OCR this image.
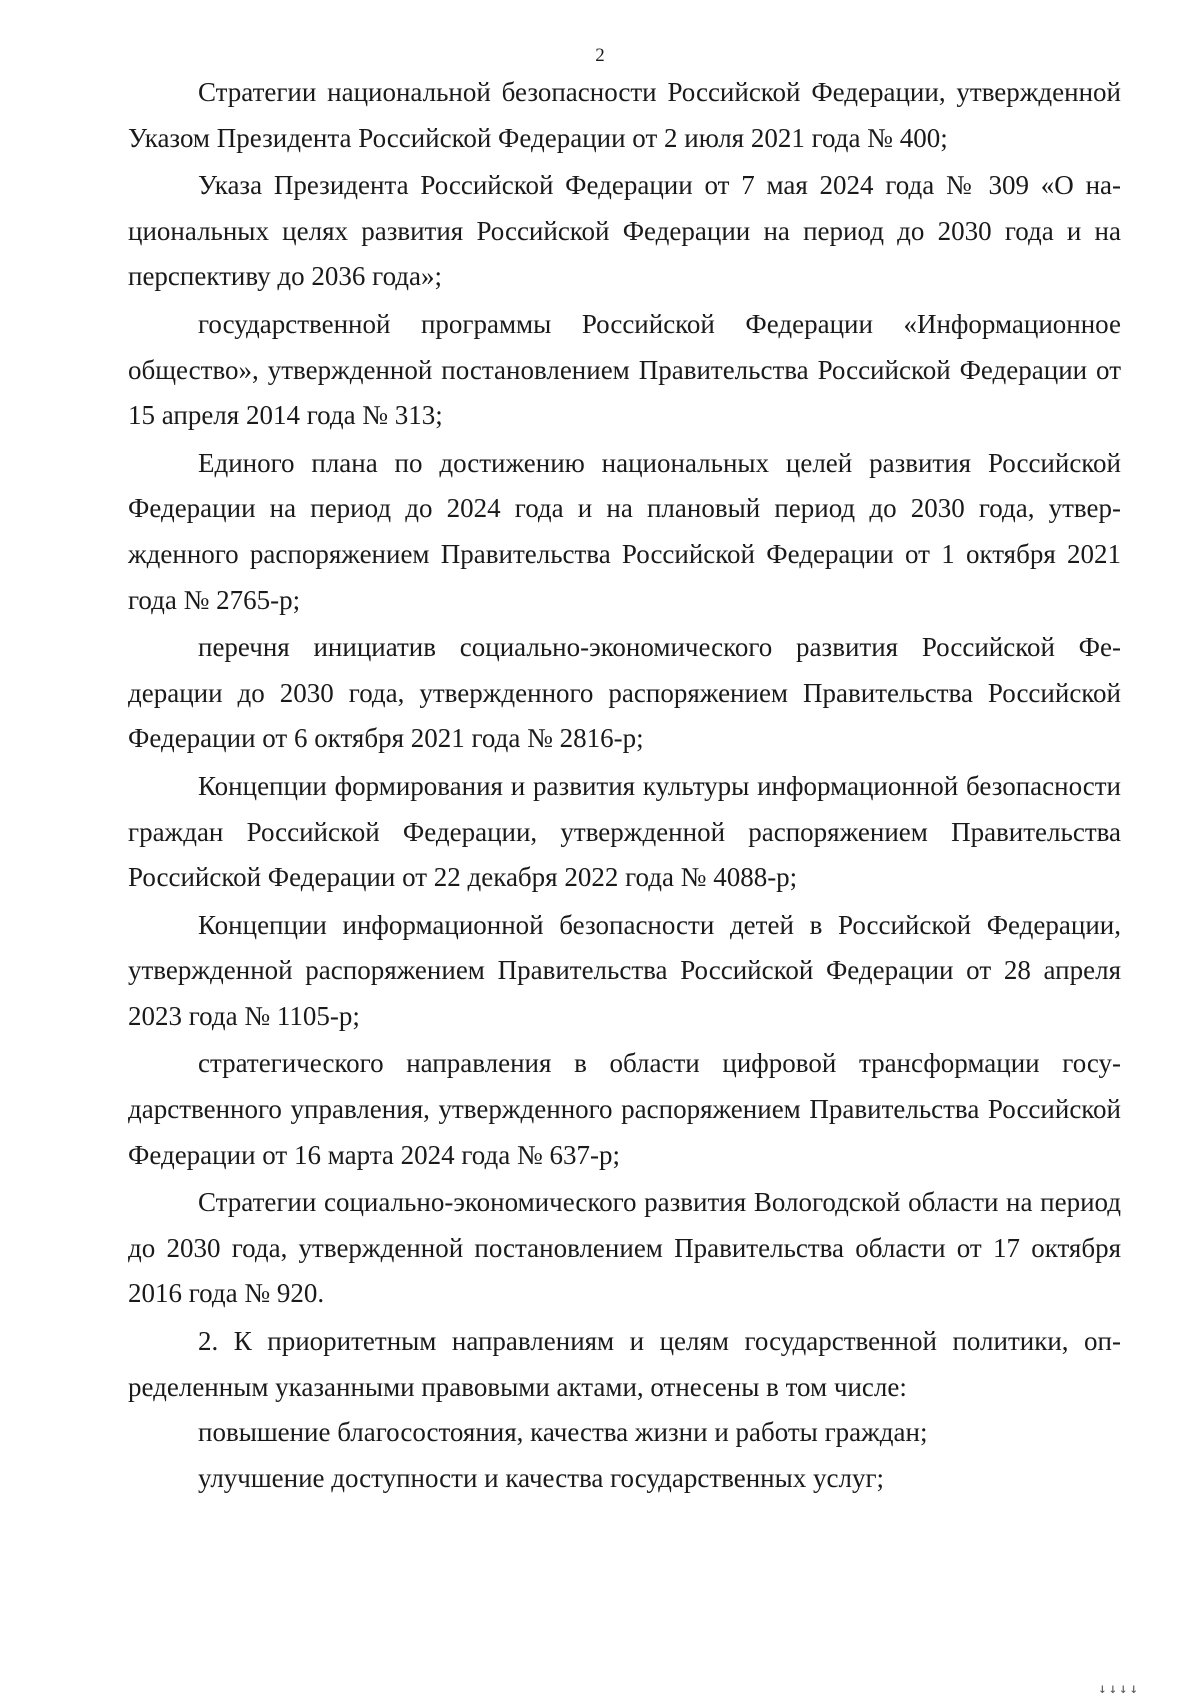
2

Стратегии национальной безопасности Российской Федерации, утвержденной Указом Президента Российской Федерации от 2 июля 2021 года № 400;

Указа Президента Российской Федерации от 7 мая 2024 года № 309 «О национальных целях развития Российской Федерации на период до 2030 года и на перспективу до 2036 года»;

государственной программы Российской Федерации «Информационное общество», утвержденной постановлением Правительства Российской Федерации от 15 апреля 2014 года № 313;

Единого плана по достижению национальных целей развития Российской Федерации на период до 2024 года и на плановый период до 2030 года, утвержденного распоряжением Правительства Российской Федерации от 1 октября 2021 года № 2765-р;

перечня инициатив социально-экономического развития Российской Федерации до 2030 года, утвержденного распоряжением Правительства Российской Федерации от 6 октября 2021 года № 2816-р;

Концепции формирования и развития культуры информационной безопасности граждан Российской Федерации, утвержденной распоряжением Правительства Российской Федерации от 22 декабря 2022 года № 4088-р;

Концепции информационной безопасности детей в Российской Федерации, утвержденной распоряжением Правительства Российской Федерации от 28 апреля 2023 года № 1105-р;

стратегического направления в области цифровой трансформации государственного управления, утвержденного распоряжением Правительства Российской Федерации от 16 марта 2024 года № 637-р;

Стратегии социально-экономического развития Вологодской области на период до 2030 года, утвержденной постановлением Правительства области от 17 октября 2016 года № 920.

2. К приоритетным направлениям и целям государственной политики, определенным указанными правовыми актами, отнесены в том числе:

повышение благосостояния, качества жизни и работы граждан;

улучшение доступности и качества государственных услуг;

↓↓↓↓
